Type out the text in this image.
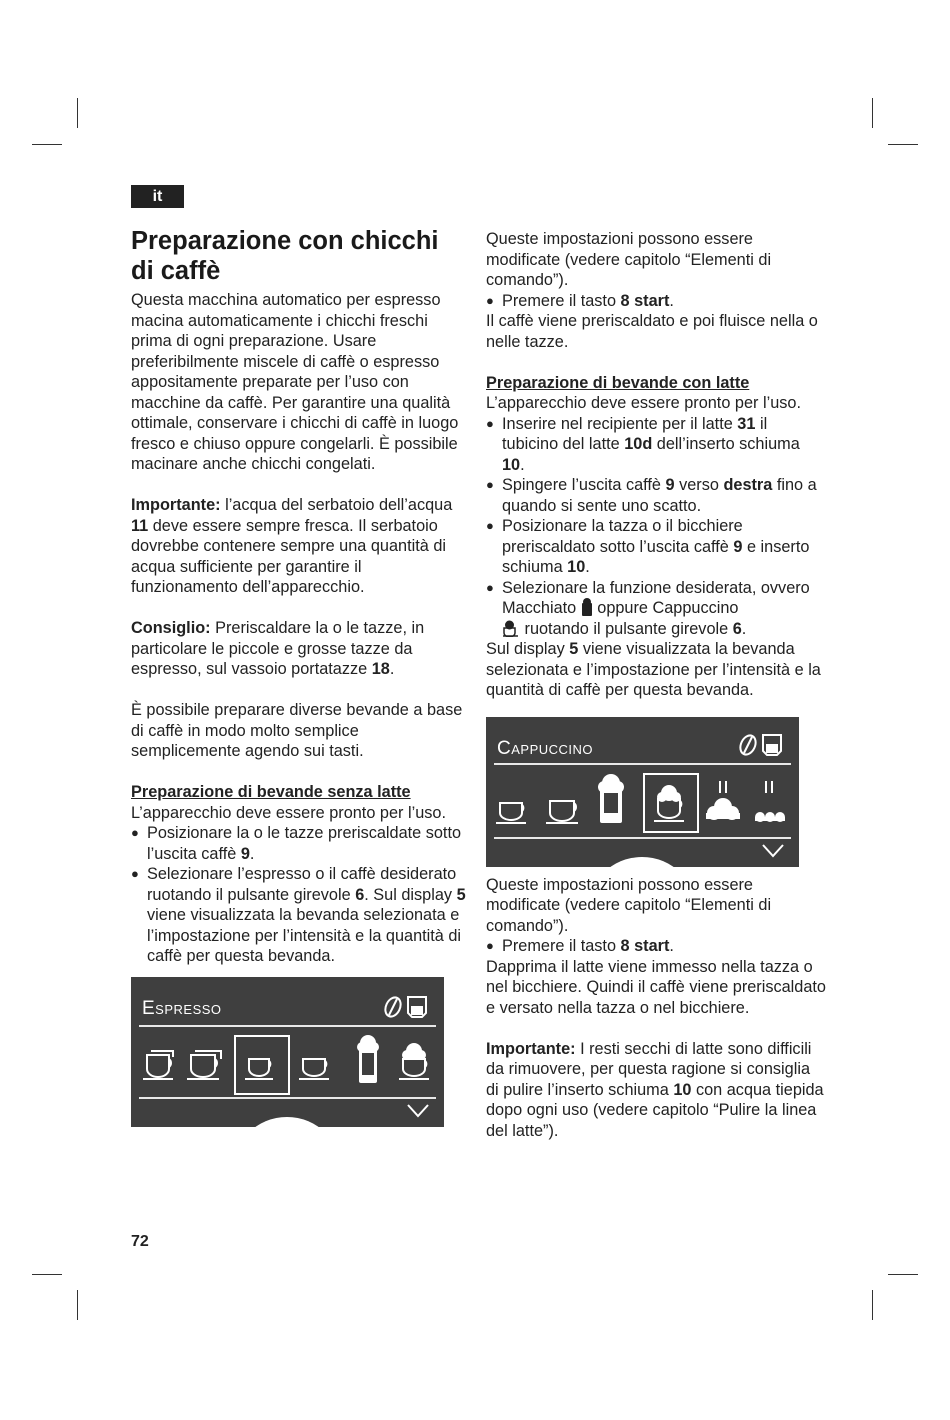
it
Preparazione con chicchi di caffè

Questa macchina automatico per espresso macina automaticamente i chicchi freschi prima di ogni preparazione. Usare preferibilmente miscele di caffè o espresso appositamente preparate per l’uso con macchine da caffè. Per garantire una qualità ottimale, conservare i chicchi di caffè in luogo fresco e chiuso oppure congelarli. È possibile macinare anche chicchi congelati.

Importante: l’acqua del serbatoio dell’acqua 11 deve essere sempre fresca. Il serbatoio dovrebbe contenere sempre una quantità di acqua sufficiente per garantire il funzionamento dell’apparecchio.

Consiglio: Preriscaldare la o le tazze, in particolare le piccole e grosse tazze da espresso, sul vassoio portatazze 18.

È possibile preparare diverse bevande a base di caffè in modo molto semplice semplicemente agendo sui tasti.

Preparazione di bevande senza latte

L’apparecchio deve essere pronto per l’uso.

● Posizionare la o le tazze preriscaldate sotto l’uscita caffè 9.

● Selezionare l’espresso o il caffè desiderato ruotando il pulsante girevole 6. Sul display 5 viene visualizzata la bevanda selezionata e l’impostazione per l’intensità e la quantità di caffè per questa bevanda.

Espresso

Queste impostazioni possono essere modificate (vedere capitolo “Elementi di comando”).

● Premere il tasto 8 start.

Il caffè viene preriscaldato e poi fluisce nella o nelle tazze.

Preparazione di bevande con latte

L’apparecchio deve essere pronto per l’uso.

● Inserire nel recipiente per il latte 31 il tubicino del latte 10d dell’inserto schiuma 10.

● Spingere l’uscita caffè 9 verso destra fino a quando si sente uno scatto.

● Posizionare la tazza o il bicchiere preriscaldato sotto l’uscita caffè 9 e inserto schiuma 10.

● Selezionare la funzione desiderata, ovvero Macchiato  oppure Cappuccino
ruotando il pulsante girevole 6.

Sul display 5 viene visualizzata la bevanda selezionata e l’impostazione per l’intensità e la quantità di caffè per questa bevanda.

Cappuccino

Queste impostazioni possono essere modificate (vedere capitolo “Elementi di comando”).

● Premere il tasto 8 start.

Dapprima il latte viene immesso nella tazza o nel bicchiere. Quindi il caffè viene preriscaldato e versato nella tazza o nel bicchiere.

Importante: I resti secchi di latte sono difficili da rimuovere, per questa ragione si consiglia di pulire l’inserto schiuma 10 con acqua tiepida dopo ogni uso (vedere capitolo “Pulire la linea del latte”).

72
